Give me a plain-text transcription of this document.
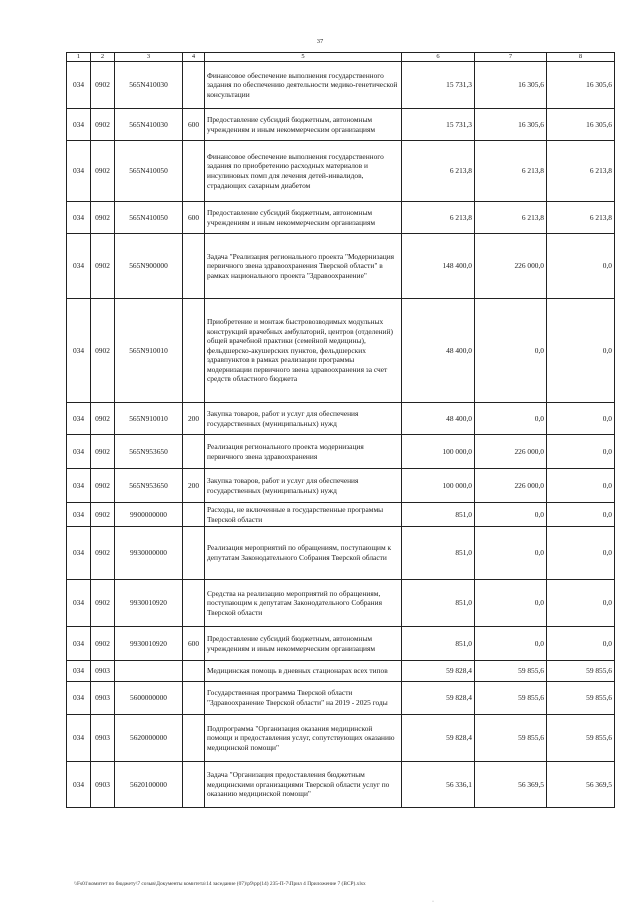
37
1	2	3	4	5	6	7	8
034	0902	565N410030		Финансовое обеспечение выполнения государственного задания по обеспечению деятельности медико-генетической консультации	15 731,3	16 305,6	16 305,6
034	0902	565N410030	600	Предоставление субсидий бюджетным, автономным учреждениям и иным некоммерческим организациям	15 731,3	16 305,6	16 305,6
034	0902	565N410050		Финансовое обеспечение выполнения государственного задания по приобретению расходных материалов и инсулиновых помп для лечения детей-инвалидов, страдающих сахарным диабетом	6 213,8	6 213,8	6 213,8
034	0902	565N410050	600	Предоставление субсидий бюджетным, автономным учреждениям и иным некоммерческим организациям	6 213,8	6 213,8	6 213,8
034	0902	565N900000		Задача "Реализация регионального проекта "Модернизация первичного звена здравоохранения Тверской области" в рамках национального проекта "Здравоохранение"	148 400,0	226 000,0	0,0
034	0902	565N910010		Приобретение и монтаж быстровозводимых модульных конструкций врачебных амбулаторий, центров (отделений) общей врачебной практики (семейной медицины), фельдшерско-акушерских пунктов, фельдшерских здравпунктов в рамках реализации программы модернизации первичного звена здравоохранения за счет средств областного бюджета	48 400,0	0,0	0,0
034	0902	565N910010	200	Закупка товаров, работ и услуг для обеспечения государственных (муниципальных) нужд	48 400,0	0,0	0,0
034	0902	565N953650		Реализация регионального проекта модернизация первичного звена здравоохранения	100 000,0	226 000,0	0,0
034	0902	565N953650	200	Закупка товаров, работ и услуг для обеспечения государственных (муниципальных) нужд	100 000,0	226 000,0	0,0
034	0902	9900000000		Расходы, не включенные в государственные программы Тверской области	851,0	0,0	0,0
034	0902	9930000000		Реализация мероприятий по обращениям, поступающим к депутатам Законодательного Собрания Тверской области	851,0	0,0	0,0
034	0902	9930010920		Средства на реализацию мероприятий по обращениям, поступающим к депутатам Законодательного Собрания Тверской области	851,0	0,0	0,0
034	0902	9930010920	600	Предоставление субсидий бюджетным, автономным учреждениям и иным некоммерческим организациям	851,0	0,0	0,0
034	0903			Медицинская помощь в дневных стационарах всех типов	59 828,4	59 855,6	59 855,6
034	0903	5600000000		Государственная программа Тверской области "Здравоохранение Тверской области" на 2019 - 2025 годы	59 828,4	59 855,6	59 855,6
034	0903	5620000000		Подпрограмма "Организация оказания медицинской помощи и предоставления услуг, сопутствующих оказанию медицинской помощи"	59 828,4	59 855,6	59 855,6
034	0903	5620100000		Задача "Организация предоставления бюджетным медицинскими организациями Тверской области услуг по оказанию медицинской помощи"	56 336,1	56 369,5	56 369,5
\\Fs01\комитет по бюджету\7 созыв\Документы комитета\14 заседание (07)\р9\рр(14) 235-П-7\Прил 4 Приложение 7 (ВСР).xlsx
·
